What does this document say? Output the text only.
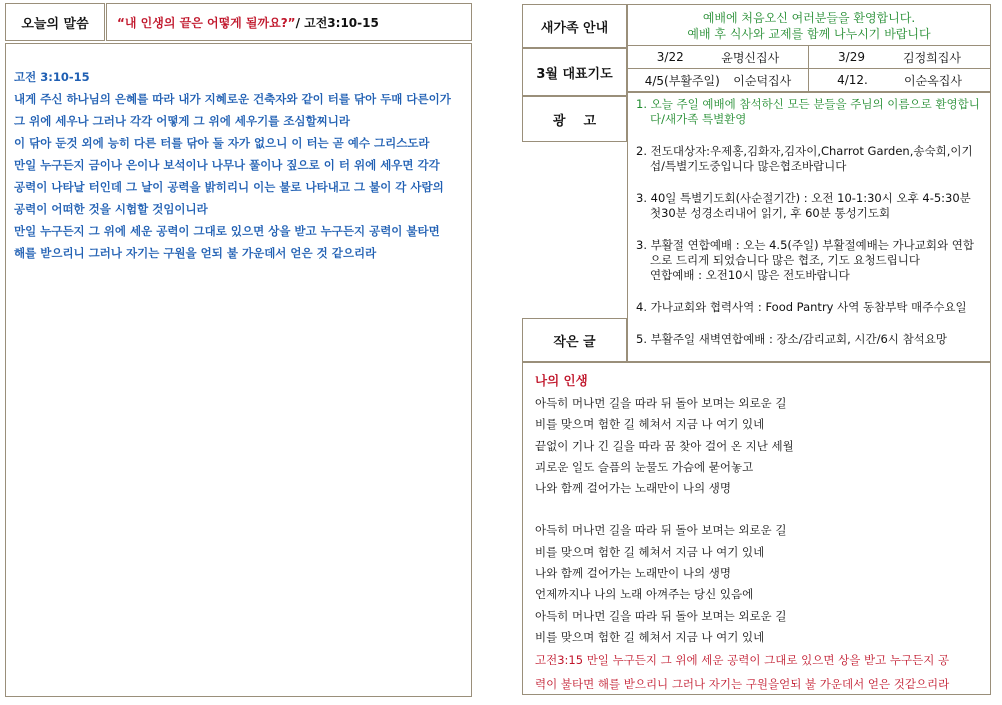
오늘의 말씀 “내 인생의 끝은 어떻게 될까요?” / 고전3:10-15
고전 3:10-15
내게 주신 하나님의 은혜를 따라 내가 지혜로운 건축자와 같이 터를 닦아 두매 다른이가
그 위에 세우나 그러나 각각 어떻게 그 위에 세우기를 조심할찌니라
이 닦아 둔것 외에 능히 다른 터를 닦아 둘 자가 없으니 이 터는 곧 예수 그리스도라
만일 누구든지 금이나 은이나 보석이나 나무나 풀이나 짚으로 이 터 위에 세우면 각각
공력이 나타날 터인데 그 날이 공력을 밝히리니 이는 불로 나타내고 그 불이 각 사람의
공력이 어떠한 것을 시험할 것임이니라
만일 누구든지 그 위에 세운 공력이 그대로 있으면 상을 받고 누구든지 공력이 불타면
해를 받으리니 그러나 자기는 구원을 얻되 불 가운데서 얻은 것 같으리라
새가족 안내
예배에 처음오신 여러분들을 환영합니다.
예배 후 식사와 교제를 함께 나누시기 바랍니다
3월 대표기도
3/22	윤명신집사	3/29	김정희집사
4/5(부활주일) 이순덕집사	4/12.	이순옥집사
광    고
1. 오늘 주일 예배에 참석하신 모든 분들을 주님의 이름으로 환영합니다/새가족 특별환영
2. 전도대상자:우제홍,김화자,김자이,Charrot Garden,송숙희,이기섭/특별기도중입니다 많은협조바랍니다
3. 40일 특별기도회(사순절기간) : 오전 10-1:30시 오후 4-5:30분 첫30분 성경소리내어 읽기, 후 60분 통성기도회
3. 부활절 연합예배 : 오는 4.5(주일) 부활절예배는 가나교회와 연합으로 드리게 되었습니다 많은 협조, 기도 요청드립니다
연합예배 : 오전10시 많은 전도바랍니다
4. 가나교회와 협력사역 : Food Pantry 사역 동참부탁 매주수요일
5. 부활주일 새벽연합예배 : 장소/감리교회, 시간/6시 참석요망
작은 글
나의 인생
아득히 머나먼 길을 따라 뒤 돌아 보며는 외로운 길
비를 맞으며 험한 길 헤쳐서 지금 나 여기 있네
끝없이 기나 긴 길을 따라 꿈 찾아 걸어 온 지난 세월
괴로운 일도 슬픔의 눈물도 가슴에 묻어놓고
나와 함께 걸어가는 노래만이 나의 생명
아득히 머나먼 길을 따라 뒤 돌아 보며는 외로운 길
비를 맞으며 험한 길 헤쳐서 지금 나 여기 있네
나와 함께 걸어가는 노래만이 나의 생명
언제까지나 나의 노래 아껴주는 당신 있음에
아득히 머나먼 길을 따라 뒤 돌아 보며는 외로운 길
비를 맞으며 험한 길 헤쳐서 지금 나 여기 있네
고전3:15 만일 누구든지 그 위에 세운 공력이 그대로 있으면 상을 받고 누구든지 공
력이 불타면 해를 받으리니 그러나 자기는 구원을얻되 불 가운데서 얻은 것같으리라
